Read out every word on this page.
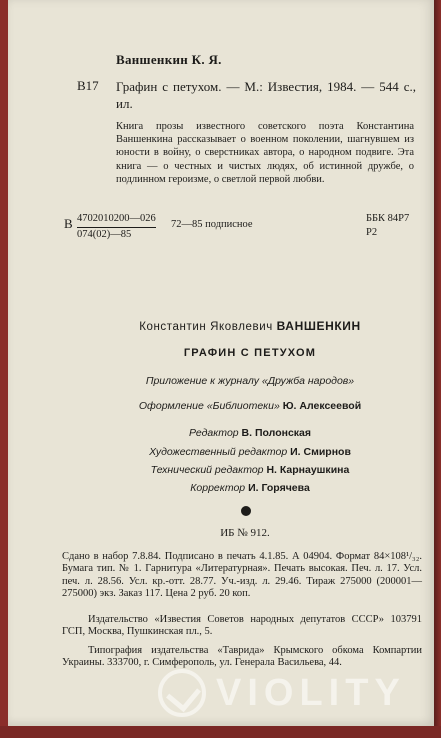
Ваншенкин К. Я.
В17 Графин с петухом. — М.: Известия, 1984. — 544 с., ил.
Книга прозы известного советского поэта Константина Ваншенкина рассказывает о военном поколении, шагнувшем из юности в войну, о сверстниках автора, о народном подвиге. Эта книга — о честных и чистых людях, об истинной дружбе, о подлинном героизме, о светлой первой любви.
В $\frac{4702010200—026}{074(02)—85}$ 72—85 подписное
ББК 84Р7
Р2
Константин Яковлевич ВАНШЕНКИН
ГРАФИН С ПЕТУХОМ
Приложение к журналу «Дружба народов»
Оформление «Библиотеки» Ю. Алексеевой
Редактор В. Полонская
Художественный редактор И. Смирнов
Технический редактор Н. Карнаушкина
Корректор И. Горячева
ИБ № 912.
Сдано в набор 7.8.84. Подписано в печать 4.1.85. А 04904. Формат 84×108¹/₃₂. Бумага тип. № 1. Гарнитура «Литературная». Печать высокая. Печ. л. 17. Усл. печ. л. 28.56. Усл. кр.-отт. 28.77. Уч.-изд. л. 29.46. Тираж 275000 (200001—275000) экз. Заказ 117. Цена 2 руб. 20 коп.
Издательство «Известия Советов народных депутатов СССР» 103791 ГСП, Москва, Пушкинская пл., 5.
Типография издательства «Таврида» Крымского обкома Компартии Украины. 333700, г. Симферополь, ул. Генерала Васильева, 44.
VIOLITY
